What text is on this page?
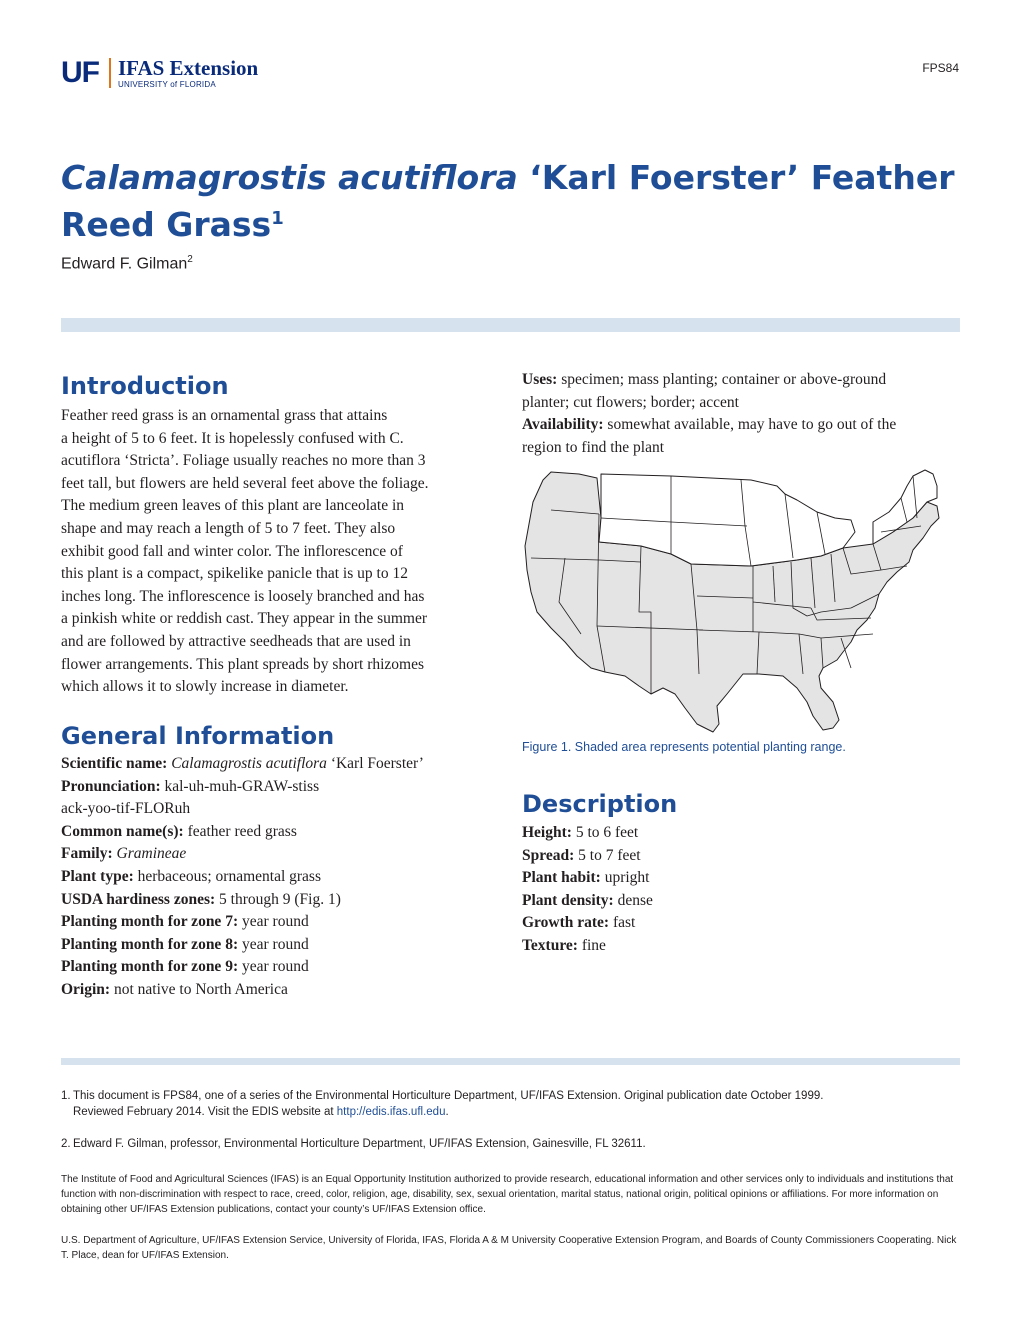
UF IFAS Extension
UNIVERSITY of FLORIDA
FPS84
Calamagrostis acutiflora ‘Karl Foerster’ Feather Reed Grass$^1$
Edward F. Gilman$^2$
Introduction
Feather reed grass is an ornamental grass that attains
a height of 5 to 6 feet. It is hopelessly confused with C.
acutiflora ‘Stricta’. Foliage usually reaches no more than 3
feet tall, but flowers are held several feet above the foliage.
The medium green leaves of this plant are lanceolate in
shape and may reach a length of 5 to 7 feet. They also
exhibit good fall and winter color. The inflorescence of
this plant is a compact, spikelike panicle that is up to 12
inches long. The inflorescence is loosely branched and has
a pinkish white or reddish cast. They appear in the summer
and are followed by attractive seedheads that are used in
flower arrangements. This plant spreads by short rhizomes
which allows it to slowly increase in diameter.
General Information
Scientific name: Calamagrostis acutiflora ‘Karl Foerster’
Pronunciation: kal-uh-muh-GRAW-stiss
ack-yoo-tif-FLORuh
Common name(s): feather reed grass
Family: Gramineae
Plant type: herbaceous; ornamental grass
USDA hardiness zones: 5 through 9 (Fig. 1)
Planting month for zone 7: year round
Planting month for zone 8: year round
Planting month for zone 9: year round
Origin: not native to North America
Uses: specimen; mass planting; container or above-ground
planter; cut flowers; border; accent
Availability: somewhat available, may have to go out of the
region to find the plant
Figure 1. Shaded area represents potential planting range.
Description
Height: 5 to 6 feet
Spread: 5 to 7 feet
Plant habit: upright
Plant density: dense
Growth rate: fast
Texture: fine
1. This document is FPS84, one of a series of the Environmental Horticulture Department, UF/IFAS Extension. Original publication date October 1999.
Reviewed February 2014. Visit the EDIS website at http://edis.ifas.ufl.edu.
2. Edward F. Gilman, professor, Environmental Horticulture Department, UF/IFAS Extension, Gainesville, FL 32611.
The Institute of Food and Agricultural Sciences (IFAS) is an Equal Opportunity Institution authorized to provide research, educational information and other services only to individuals and institutions that function with non-discrimination with respect to race, creed, color, religion, age, disability, sex, sexual orientation, marital status, national origin, political opinions or affiliations. For more information on obtaining other UF/IFAS Extension publications, contact your county’s UF/IFAS Extension office.
U.S. Department of Agriculture, UF/IFAS Extension Service, University of Florida, IFAS, Florida A & M University Cooperative Extension Program, and Boards of County Commissioners Cooperating. Nick T. Place, dean for UF/IFAS Extension.
